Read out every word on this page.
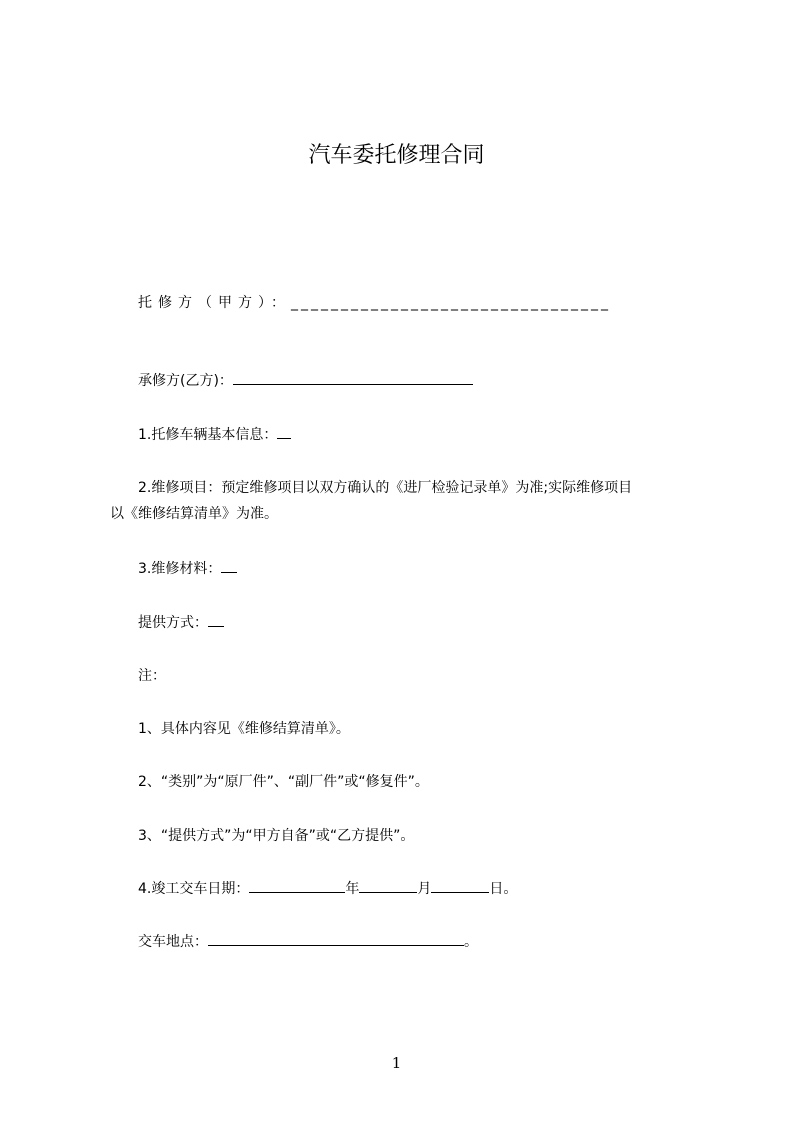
汽车委托修理合同
托修方（甲方）：________________________________
承修方(乙方)：
1.托修车辆基本信息：
2.维修项目：预定维修项目以双方确认的《进厂检验记录单》为准;实际维修项目
以《维修结算清单》为准。
3.维修材料：
提供方式：
注：
1、具体内容见《维修结算清单》。
2、“类别”为“原厂件”、“副厂件”或“修复件”。
3、“提供方式”为“甲方自备”或“乙方提供”。
4.竣工交车日期：	年	月	日。
交车地点：	。
1
